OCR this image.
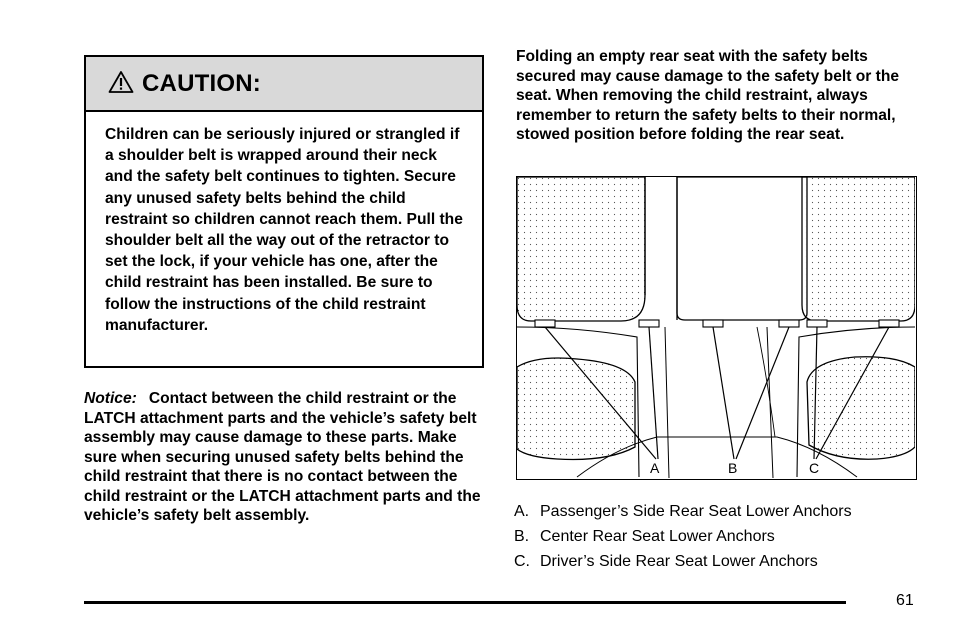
CAUTION:
Children can be seriously injured or strangled if a shoulder belt is wrapped around their neck and the safety belt continues to tighten. Secure any unused safety belts behind the child restraint so children cannot reach them. Pull the shoulder belt all the way out of the retractor to set the lock, if your vehicle has one, after the child restraint has been installed. Be sure to follow the instructions of the child restraint manufacturer.
Notice: Contact between the child restraint or the LATCH attachment parts and the vehicle’s safety belt assembly may cause damage to these parts. Make sure when securing unused safety belts behind the child restraint that there is no contact between the child restraint or the LATCH attachment parts and the vehicle’s safety belt assembly.
Folding an empty rear seat with the safety belts secured may cause damage to the safety belt or the seat. When removing the child restraint, always remember to return the safety belts to their normal, stowed position before folding the rear seat.
A	B	C
A. Passenger’s Side Rear Seat Lower Anchors
B. Center Rear Seat Lower Anchors
C. Driver’s Side Rear Seat Lower Anchors
61
